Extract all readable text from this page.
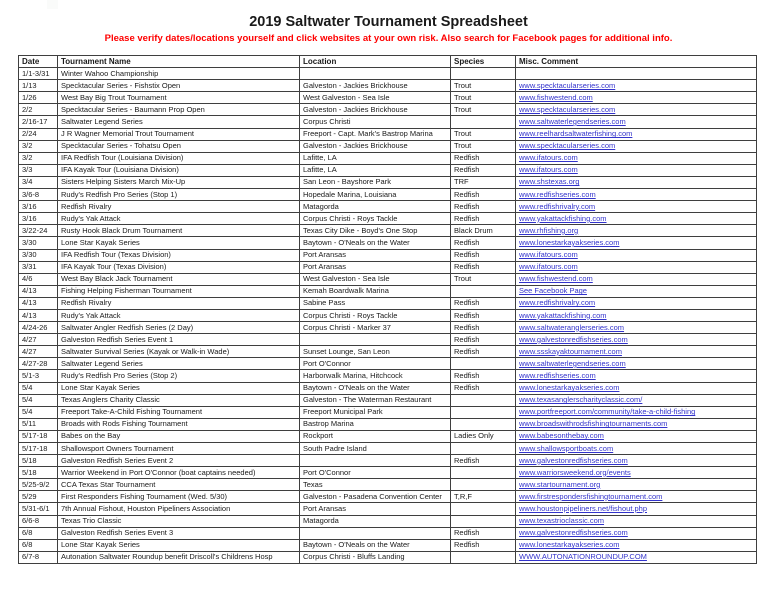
2019 Saltwater Tournament Spreadsheet
Please verify dates/locations yourself and click websites at your own risk. Also search for Facebook pages for additional info.
Date	Tournament Name	Location	Species	Misc. Comment
1/1-3/31	Winter Wahoo Championship			
1/13	Specktacular Series - Fishstix Open	Galveston - Jackies Brickhouse	Trout	www.specktacularseries.com
1/26	West Bay Big Trout Tournament	West Galveston - Sea Isle	Trout	www.fishwestend.com
2/2	Specktacular Series - Baumann Prop Open	Galveston - Jackies Brickhouse	Trout	www.specktacularseries.com
2/16-17	Saltwater Legend Series	Corpus Christi		www.saltwaterlegendseries.com
2/24	J R Wagner Memorial Trout Tournament	Freeport - Capt. Mark's Bastrop Marina	Trout	www.reelhardsaltwaterfishing.com
3/2	Specktacular Series - Tohatsu Open	Galveston - Jackies Brickhouse	Trout	www.specktacularseries.com
3/2	IFA Redfish Tour (Louisiana Division)	Lafitte, LA	Redfish	www.ifatours.com
3/3	IFA Kayak Tour (Louisiana Division)	Lafitte, LA	Redfish	www.ifatours.com
3/4	Sisters Helping Sisters March Mix-Up	San Leon - Bayshore Park	TRF	www.shstexas.org
3/6-8	Rudy's Redfish Pro Series (Stop 1)	Hopedale Marina, Louisiana	Redfish	www.redfishseries.com
3/16	Redfish Rivalry	Matagorda	Redfish	www.redfishrivalry.com
3/16	Rudy's Yak Attack	Corpus Christi - Roys Tackle	Redfish	www.yakattackfishing.com
3/22-24	Rusty Hook Black Drum Tournament	Texas City Dike - Boyd's One Stop	Black Drum	www.rhfishing.org
3/30	Lone Star Kayak Series	Baytown - O'Neals on the Water	Redfish	www.lonestarkayakseries.com
3/30	IFA Redfish Tour (Texas Division)	Port Aransas	Redfish	www.ifatours.com
3/31	IFA Kayak Tour (Texas Division)	Port Aransas	Redfish	www.ifatours.com
4/6	West Bay Black Jack Tournament	West Galveston - Sea Isle	Trout	www.fishwestend.com
4/13	Fishing Helping Fisherman Tournament	Kemah Boardwalk Marina		See Facebook Page
4/13	Redfish Rivalry	Sabine Pass	Redfish	www.redfishrivalry.com
4/13	Rudy's Yak Attack	Corpus Christi - Roys Tackle	Redfish	www.yakattackfishing.com
4/24-26	Saltwater Angler Redfish Series (2 Day)	Corpus Christi - Marker 37	Redfish	www.saltwateranglerseries.com
4/27	Galveston Redfish Series Event 1		Redfish	www.galvestonredfishseries.com
4/27	Saltwater Survival Series (Kayak or Walk-in Wade)	Sunset Lounge, San Leon	Redfish	www.ssskayaktournament.com
4/27-28	Saltwater Legend Series	Port O'Connor		www.saltwaterlegendseries.com
5/1-3	Rudy's Redfish Pro Series (Stop 2)	Harborwalk Marina, Hitchcock	Redfish	www.redfishseries.com
5/4	Lone Star Kayak Series	Baytown - O'Neals on the Water	Redfish	www.lonestarkayakseries.com
5/4	Texas Anglers Charity Classic	Galveston - The Waterman Restaurant		www.texasanglerscharityclassic.com/
5/4	Freeport Take-A-Child Fishing Tournament	Freeport Municipal Park		www.portfreeport.com/community/take-a-child-fishing
5/11	Broads with Rods Fishing Tournament	Bastrop Marina		www.broadswithrodsfishingtournaments.com
5/17-18	Babes on the Bay	Rockport	Ladies Only	www.babesonthebay.com
5/17-18	Shallowsport Owners Tournament	South Padre Island		www.shallowsportboats.com
5/18	Galveston Redfish Series Event 2		Redfish	www.galvestonredfishseries.com
5/18	Warrior Weekend in Port O'Connor (boat captains needed)	Port O'Connor		www.warriorsweekend.org/events
5/25-9/2	CCA Texas Star Tournament	Texas		www.startournament.org
5/29	First Responders Fishing Tournament (Wed. 5/30)	Galveston - Pasadena Convention Center	T,R,F	www.firstrespondersfishingtournament.com
5/31-6/1	7th Annual Fishout, Houston Pipeliners Association	Port Aransas		www.houstonpipeliners.net/fishout.php
6/6-8	Texas Trio Classic	Matagorda		www.texastrioclassic.com
6/8	Galveston Redfish Series Event 3		Redfish	www.galvestonredfishseries.com
6/8	Lone Star Kayak Series	Baytown - O'Neals on the Water	Redfish	www.lonestarkayakseries.com
6/7-8	Autonation Saltwater Roundup benefit Driscoll's Childrens Hosp	Corpus Christi - Bluffs Landing		WWW.AUTONATIONROUNDUP.COM
